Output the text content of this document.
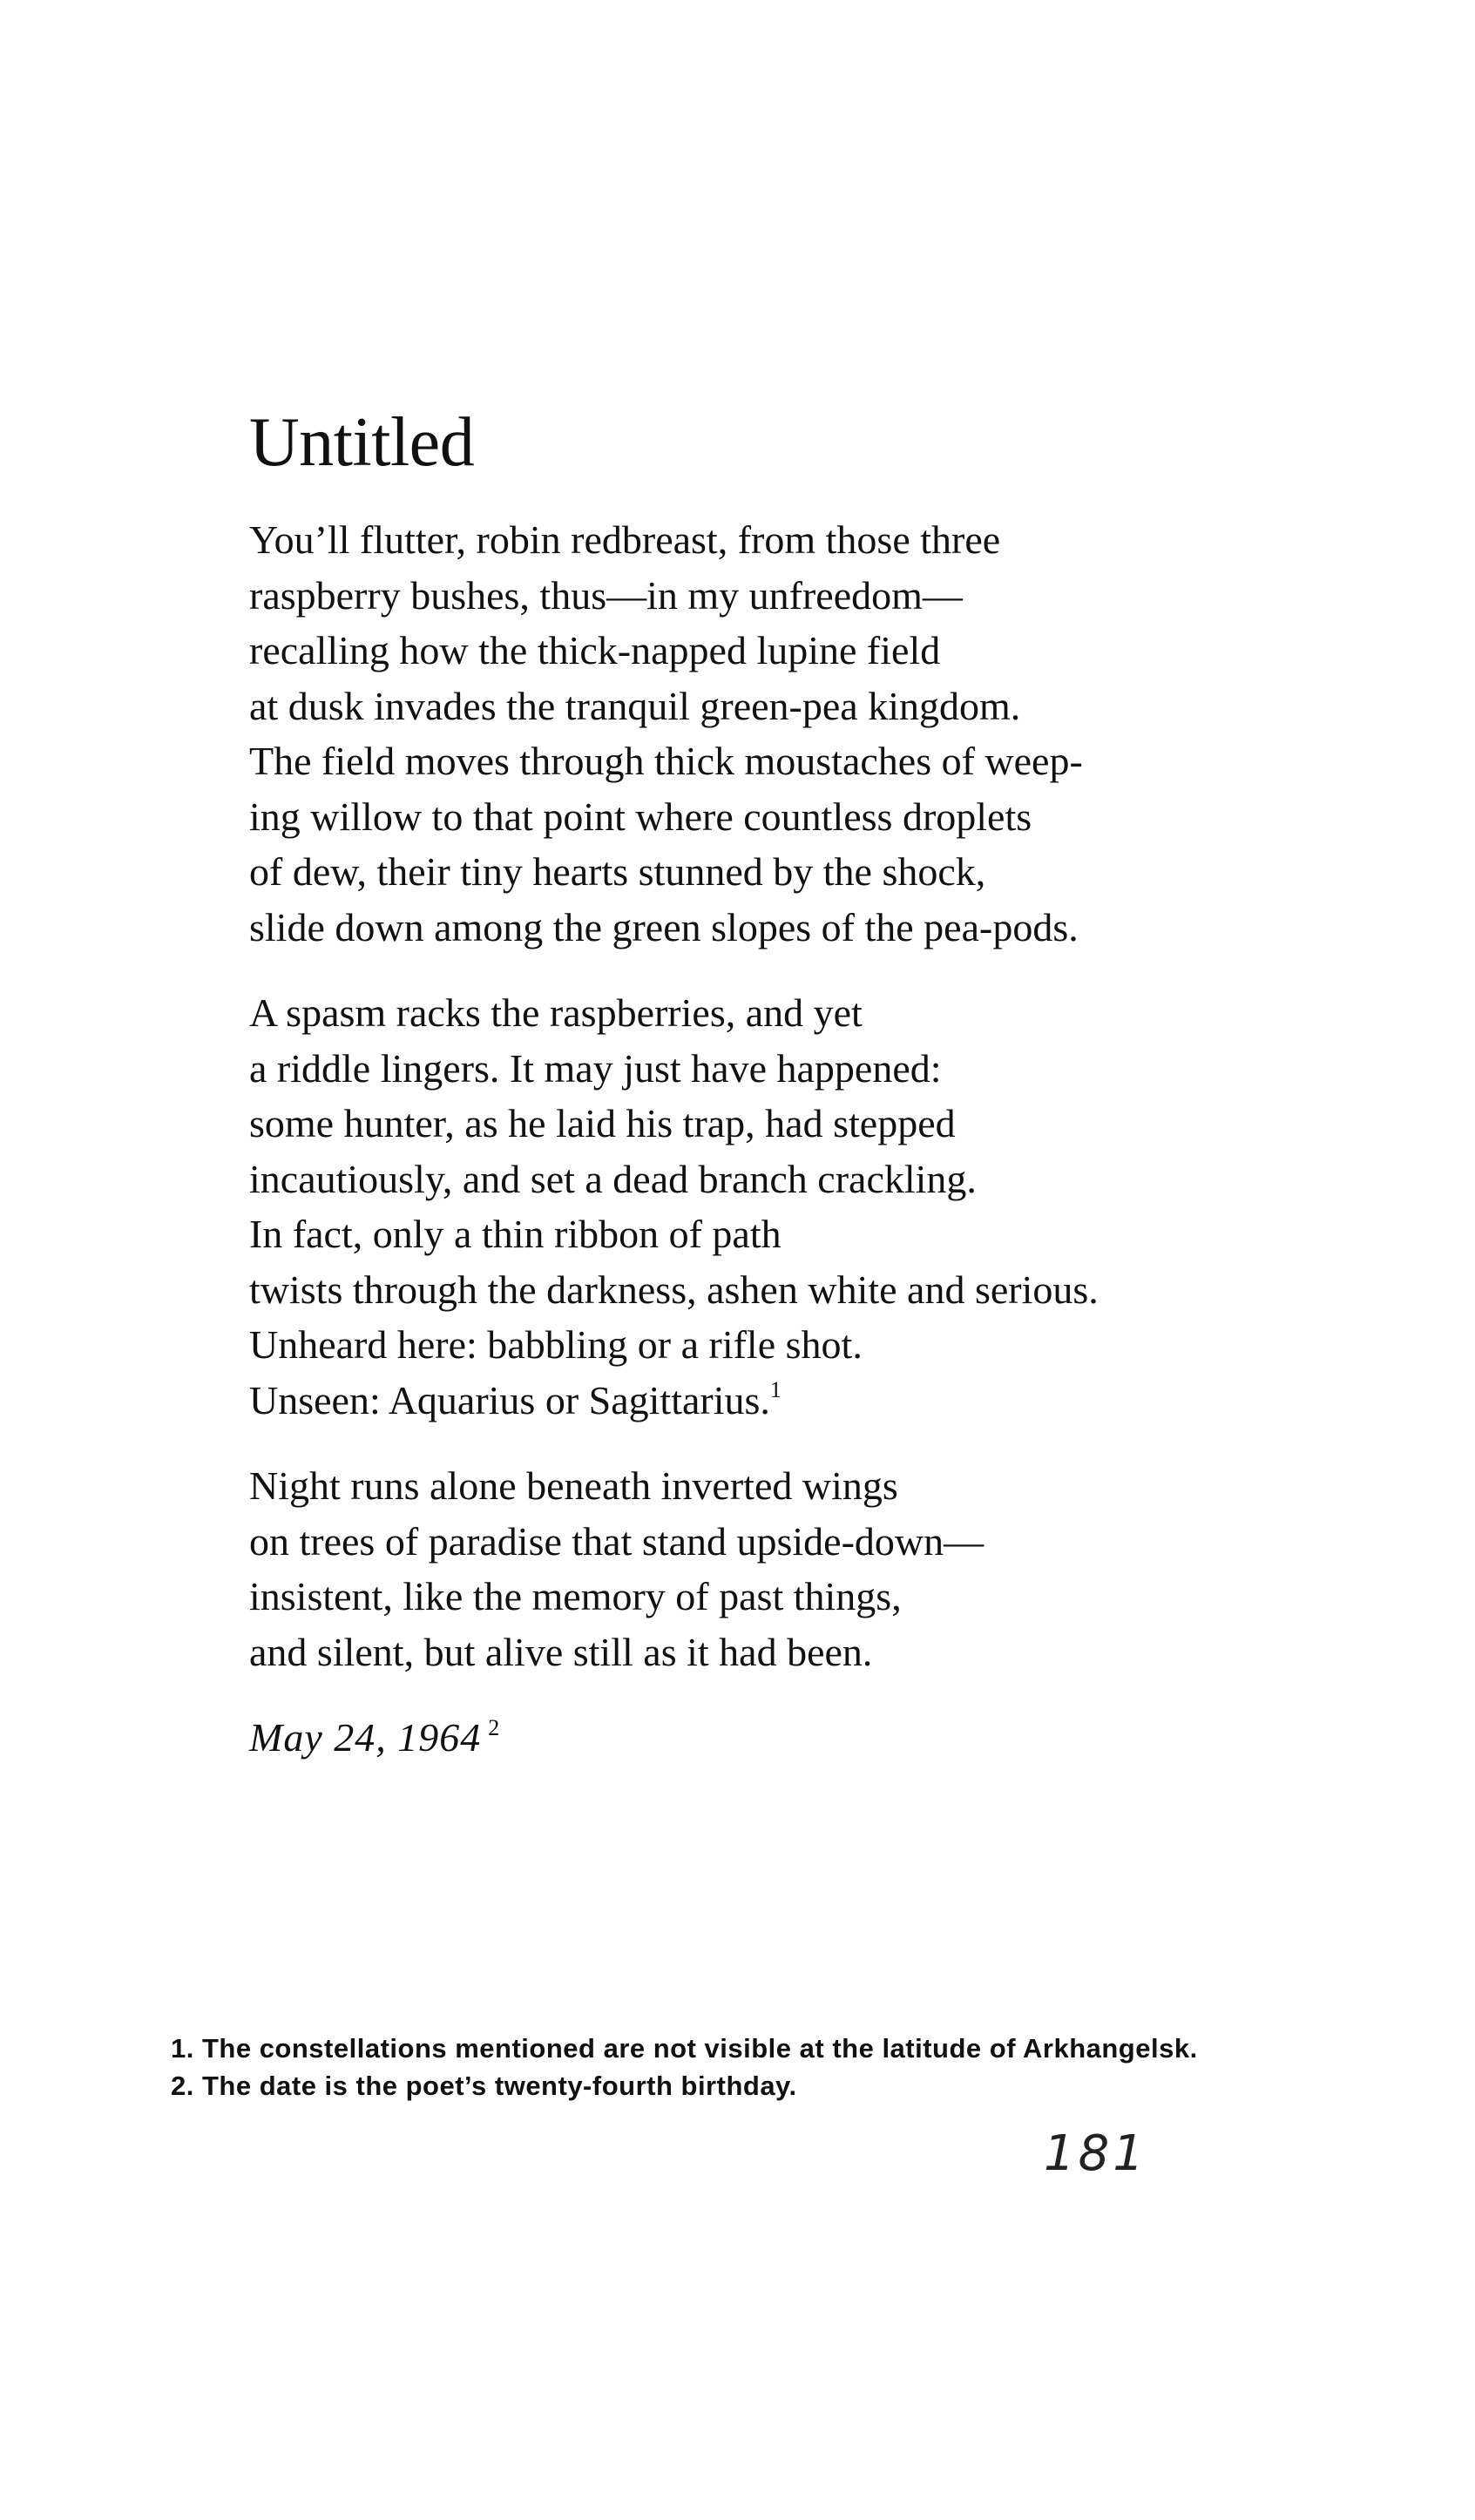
Untitled
You’ll flutter, robin redbreast, from those three
raspberry bushes, thus—in my unfreedom—
recalling how the thick-napped lupine field
at dusk invades the tranquil green-pea kingdom.
The field moves through thick moustaches of weep-
ing willow to that point where countless droplets
of dew, their tiny hearts stunned by the shock,
slide down among the green slopes of the pea-pods.
A spasm racks the raspberries, and yet
a riddle lingers. It may just have happened:
some hunter, as he laid his trap, had stepped
incautiously, and set a dead branch crackling.
In fact, only a thin ribbon of path
twists through the darkness, ashen white and serious.
Unheard here: babbling or a rifle shot.
Unseen: Aquarius or Sagittarius.$^1$
Night runs alone beneath inverted wings
on trees of paradise that stand upside-down—
insistent, like the memory of past things,
and silent, but alive still as it had been.
May 24, 1964 $^2$
1. The constellations mentioned are not visible at the latitude of Arkhangelsk.
2. The date is the poet’s twenty-fourth birthday.
181
